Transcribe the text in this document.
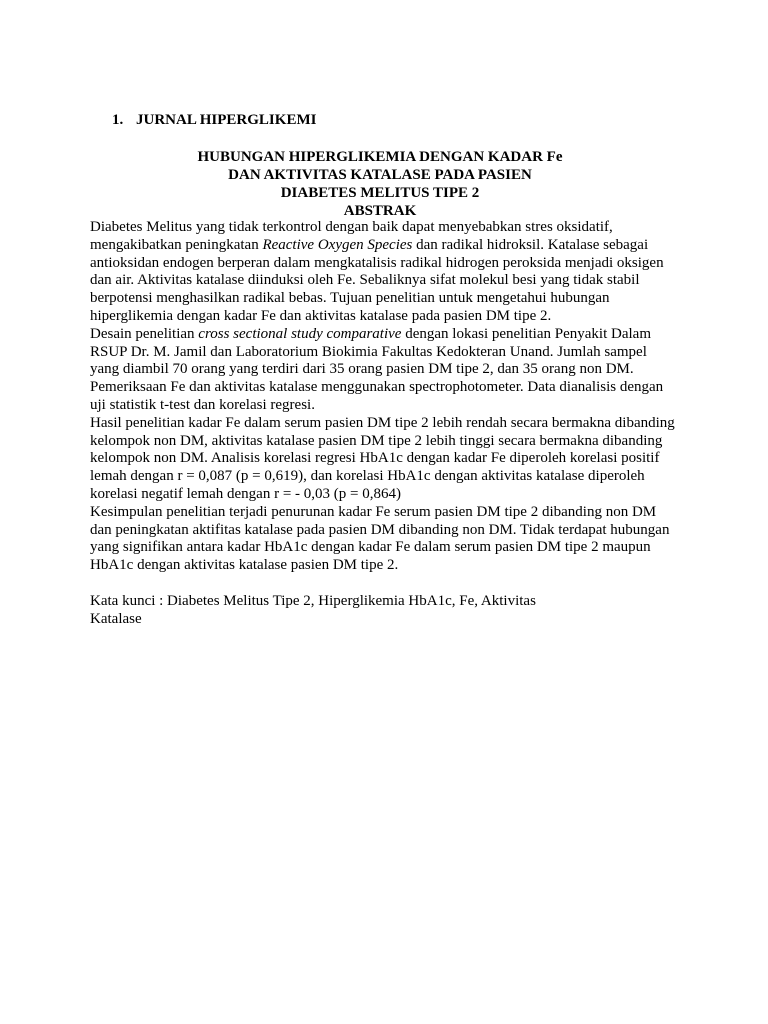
1. JURNAL HIPERGLIKEMI
HUBUNGAN HIPERGLIKEMIA DENGAN KADAR Fe
DAN AKTIVITAS KATALASE PADA PASIEN
DIABETES MELITUS TIPE 2
ABSTRAK
Diabetes Melitus yang tidak terkontrol dengan baik dapat menyebabkan stres oksidatif,
mengakibatkan peningkatan Reactive Oxygen Species dan radikal hidroksil. Katalase sebagai
antioksidan endogen berperan dalam mengkatalisis radikal hidrogen peroksida menjadi oksigen
dan air. Aktivitas katalase diinduksi oleh Fe. Sebaliknya sifat molekul besi yang tidak stabil
berpotensi menghasilkan radikal bebas. Tujuan penelitian untuk mengetahui hubungan
hiperglikemia dengan kadar Fe dan aktivitas katalase pada pasien DM tipe 2.
Desain penelitian cross sectional study comparative dengan lokasi penelitian Penyakit Dalam
RSUP Dr. M. Jamil dan Laboratorium Biokimia Fakultas Kedokteran Unand. Jumlah sampel
yang diambil 70 orang yang terdiri dari 35 orang pasien DM tipe 2, dan 35 orang non DM.
Pemeriksaan Fe dan aktivitas katalase menggunakan spectrophotometer. Data dianalisis dengan
uji statistik t-test dan korelasi regresi.
Hasil penelitian kadar Fe dalam serum pasien DM tipe 2 lebih rendah secara bermakna dibanding
kelompok non DM, aktivitas katalase pasien DM tipe 2 lebih tinggi secara bermakna dibanding
kelompok non DM. Analisis korelasi regresi HbA1c dengan kadar Fe diperoleh korelasi positif
lemah dengan r = 0,087 (p = 0,619), dan korelasi HbA1c dengan aktivitas katalase diperoleh
korelasi negatif lemah dengan r = - 0,03 (p = 0,864)
Kesimpulan penelitian terjadi penurunan kadar Fe serum pasien DM tipe 2 dibanding non DM
dan peningkatan aktifitas katalase pada pasien DM dibanding non DM. Tidak terdapat hubungan
yang signifikan antara kadar HbA1c dengan kadar Fe dalam serum pasien DM tipe 2 maupun
HbA1c dengan aktivitas katalase pasien DM tipe 2.
Kata kunci : Diabetes Melitus Tipe 2, Hiperglikemia HbA1c, Fe, Aktivitas
Katalase
